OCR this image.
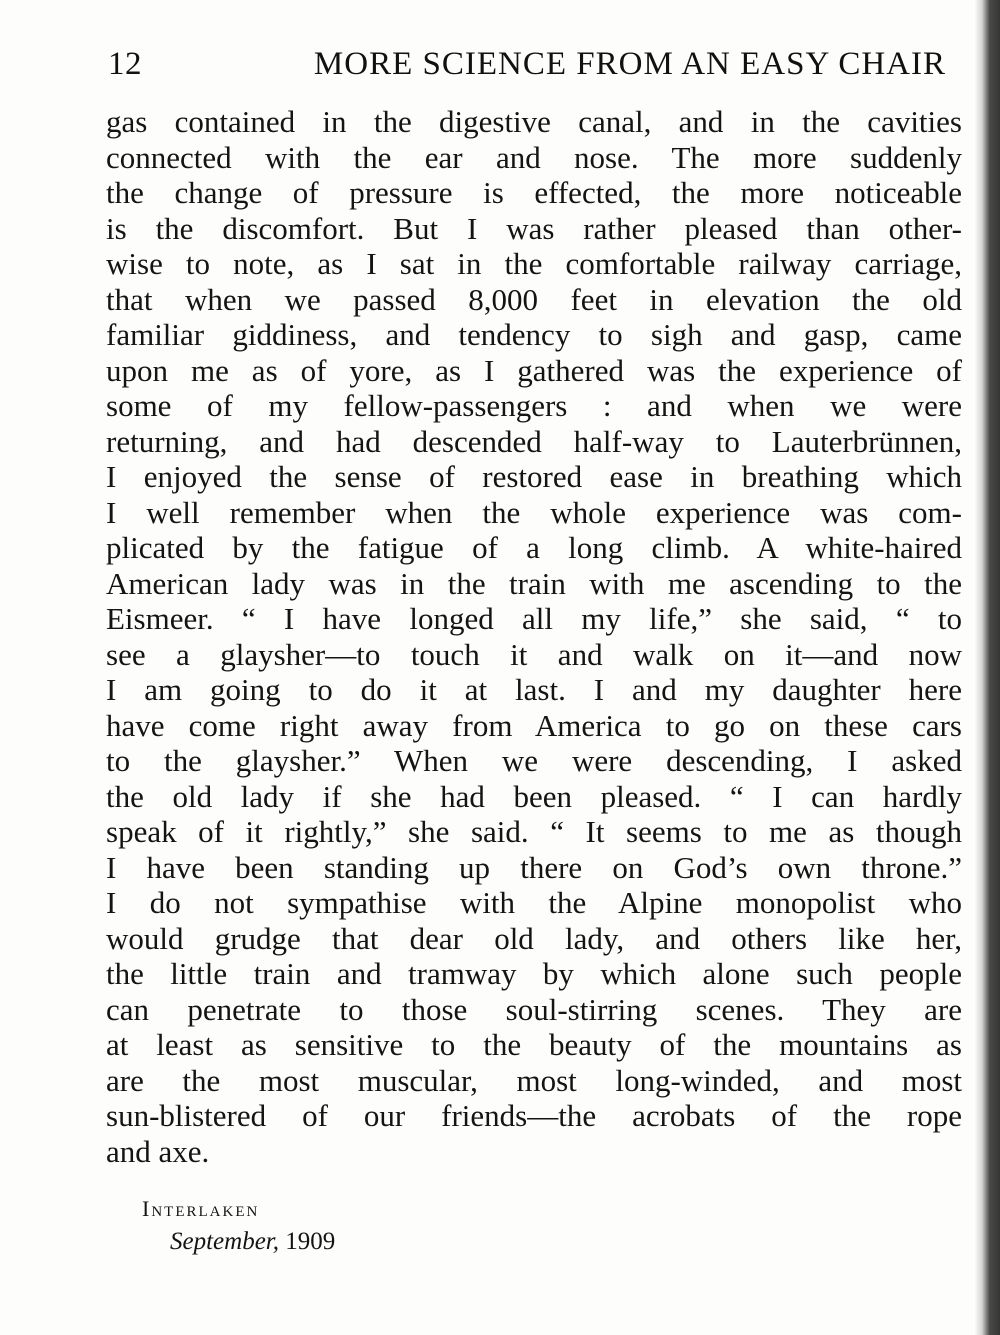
12	MORE SCIENCE FROM AN EASY CHAIR
gas contained in the digestive canal, and in the cavities
connected with the ear and nose. The more suddenly
the change of pressure is effected, the more noticeable
is the discomfort. But I was rather pleased than other-
wise to note, as I sat in the comfortable railway carriage,
that when we passed 8,000 feet in elevation the old
familiar giddiness, and tendency to sigh and gasp, came
upon me as of yore, as I gathered was the experience of
some of my fellow-passengers : and when we were
returning, and had descended half-way to Lauterbrünnen,
I enjoyed the sense of restored ease in breathing which
I well remember when the whole experience was com-
plicated by the fatigue of a long climb. A white-haired
American lady was in the train with me ascending to the
Eismeer. “ I have longed all my life,” she said, “ to
see a glaysher—to touch it and walk on it—and now
I am going to do it at last. I and my daughter here
have come right away from America to go on these cars
to the glaysher.” When we were descending, I asked
the old lady if she had been pleased. “ I can hardly
speak of it rightly,” she said. “ It seems to me as though
I have been standing up there on God’s own throne.”
I do not sympathise with the Alpine monopolist who
would grudge that dear old lady, and others like her,
the little train and tramway by which alone such people
can penetrate to those soul-stirring scenes. They are
at least as sensitive to the beauty of the mountains as
are the most muscular, most long-winded, and most
sun-blistered of our friends—the acrobats of the rope
and axe.
Interlaken
September, 1909
